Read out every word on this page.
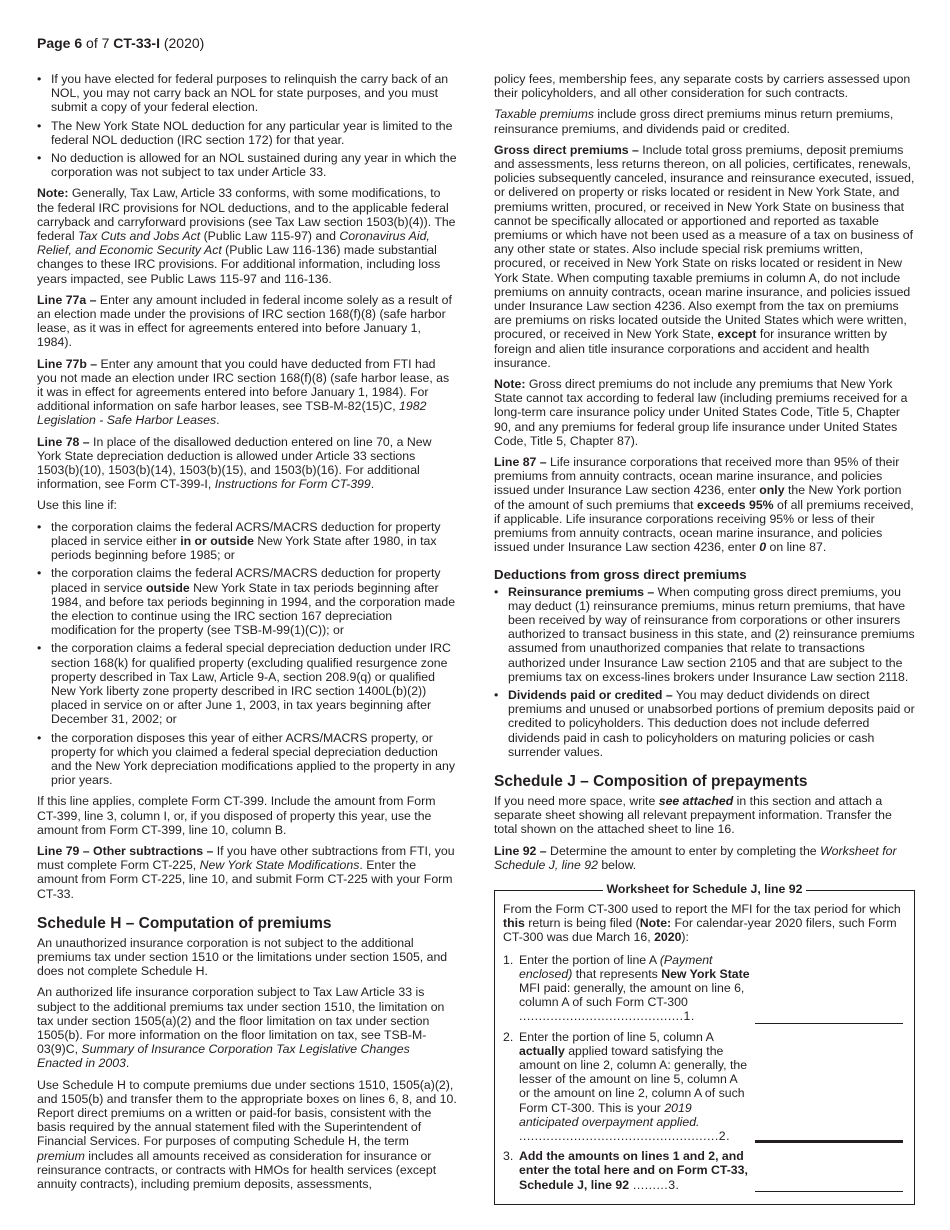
Page 6 of 7 CT-33-I (2020)
• If you have elected for federal purposes to relinquish the carry back of an NOL, you may not carry back an NOL for state purposes, and you must submit a copy of your federal election.
• The New York State NOL deduction for any particular year is limited to the federal NOL deduction (IRC section 172) for that year.
• No deduction is allowed for an NOL sustained during any year in which the corporation was not subject to tax under Article 33.

Note: Generally, Tax Law, Article 33 conforms, with some modifications, to the federal IRC provisions for NOL deductions, and to the applicable federal carryback and carryforward provisions (see Tax Law section 1503(b)(4)). The federal Tax Cuts and Jobs Act (Public Law 115-97) and Coronavirus Aid, Relief, and Economic Security Act (Public Law 116-136) made substantial changes to these IRC provisions. For additional information, including loss years impacted, see Public Laws 115-97 and 116-136.

Line 77a – Enter any amount included in federal income solely as a result of an election made under the provisions of IRC section 168(f)(8) (safe harbor lease, as it was in effect for agreements entered into before January 1, 1984).

Line 77b – Enter any amount that you could have deducted from FTI had you not made an election under IRC section 168(f)(8) (safe harbor lease, as it was in effect for agreements entered into before January 1, 1984). For additional information on safe harbor leases, see TSB-M-82(15)C, 1982 Legislation - Safe Harbor Leases.

Line 78 – In place of the disallowed deduction entered on line 70, a New York State depreciation deduction is allowed under Article 33 sections 1503(b)(10), 1503(b)(14), 1503(b)(15), and 1503(b)(16). For additional information, see Form CT-399-I, Instructions for Form CT-399.

Use this line if:

• the corporation claims the federal ACRS/MACRS deduction for property placed in service either in or outside New York State after 1980, in tax periods beginning before 1985; or
• the corporation claims the federal ACRS/MACRS deduction for property placed in service outside New York State in tax periods beginning after 1984, and before tax periods beginning in 1994, and the corporation made the election to continue using the IRC section 167 depreciation modification for the property (see TSB-M-99(1)(C)); or
• the corporation claims a federal special depreciation deduction under IRC section 168(k) for qualified property (excluding qualified resurgence zone property described in Tax Law, Article 9-A, section 208.9(q) or qualified New York liberty zone property described in IRC section 1400L(b)(2)) placed in service on or after June 1, 2003, in tax years beginning after December 31, 2002; or
• the corporation disposes this year of either ACRS/MACRS property, or property for which you claimed a federal special depreciation deduction and the New York depreciation modifications applied to the property in any prior years.

If this line applies, complete Form CT-399. Include the amount from Form CT-399, line 3, column I, or, if you disposed of property this year, use the amount from Form CT-399, line 10, column B.

Line 79 – Other subtractions – If you have other subtractions from FTI, you must complete Form CT-225, New York State Modifications. Enter the amount from Form CT-225, line 10, and submit Form CT-225 with your Form CT-33.

Schedule H – Computation of premiums

An unauthorized insurance corporation is not subject to the additional premiums tax under section 1510 or the limitations under section 1505, and does not complete Schedule H.

An authorized life insurance corporation subject to Tax Law Article 33 is subject to the additional premiums tax under section 1510, the limitation on tax under section 1505(a)(2) and the floor limitation on tax under section 1505(b). For more information on the floor limitation on tax, see TSB-M-03(9)C, Summary of Insurance Corporation Tax Legislative Changes Enacted in 2003.

Use Schedule H to compute premiums due under sections 1510, 1505(a)(2), and 1505(b) and transfer them to the appropriate boxes on lines 6, 8, and 10. Report direct premiums on a written or paid-for basis, consistent with the basis required by the annual statement filed with the Superintendent of Financial Services. For purposes of computing Schedule H, the term premium includes all amounts received as consideration for insurance or reinsurance contracts, or contracts with HMOs for health services (except annuity contracts), including premium deposits, assessments,

policy fees, membership fees, any separate costs by carriers assessed upon their policyholders, and all other consideration for such contracts.

Taxable premiums include gross direct premiums minus return premiums, reinsurance premiums, and dividends paid or credited.

Gross direct premiums – Include total gross premiums, deposit premiums and assessments, less returns thereon, on all policies, certificates, renewals, policies subsequently canceled, insurance and reinsurance executed, issued, or delivered on property or risks located or resident in New York State, and premiums written, procured, or received in New York State on business that cannot be specifically allocated or apportioned and reported as taxable premiums or which have not been used as a measure of a tax on business of any other state or states. Also include special risk premiums written, procured, or received in New York State on risks located or resident in New York State. When computing taxable premiums in column A, do not include premiums on annuity contracts, ocean marine insurance, and policies issued under Insurance Law section 4236. Also exempt from the tax on premiums are premiums on risks located outside the United States which were written, procured, or received in New York State, except for insurance written by foreign and alien title insurance corporations and accident and health insurance.

Note: Gross direct premiums do not include any premiums that New York State cannot tax according to federal law (including premiums received for a long-term care insurance policy under United States Code, Title 5, Chapter 90, and any premiums for federal group life insurance under United States Code, Title 5, Chapter 87).

Line 87 – Life insurance corporations that received more than 95% of their premiums from annuity contracts, ocean marine insurance, and policies issued under Insurance Law section 4236, enter only the New York portion of the amount of such premiums that exceeds 95% of all premiums received, if applicable. Life insurance corporations receiving 95% or less of their premiums from annuity contracts, ocean marine insurance, and policies issued under Insurance Law section 4236, enter 0 on line 87.

Deductions from gross direct premiums
• Reinsurance premiums – When computing gross direct premiums, you may deduct (1) reinsurance premiums, minus return premiums, that have been received by way of reinsurance from corporations or other insurers authorized to transact business in this state, and (2) reinsurance premiums assumed from unauthorized companies that relate to transactions authorized under Insurance Law section 2105 and that are subject to the premiums tax on excess-lines brokers under Insurance Law section 2118.
• Dividends paid or credited – You may deduct dividends on direct premiums and unused or unabsorbed portions of premium deposits paid or credited to policyholders. This deduction does not include deferred dividends paid in cash to policyholders on maturing policies or cash surrender values.
Schedule J – Composition of prepayments

If you need more space, write see attached in this section and attach a separate sheet showing all relevant prepayment information. Transfer the total shown on the attached sheet to line 16.

Line 92 – Determine the amount to enter by completing the Worksheet for Schedule J, line 92 below.

Worksheet for Schedule J, line 92
From the Form CT-300 used to report the MFI for the tax period for which this return is being filed (Note: For calendar-year 2020 filers, such Form CT-300 was due March 16, 2020):
1. Enter the portion of line A (Payment enclosed) that represents New York State MFI paid: generally, the amount on line 6, column A of such Form CT-300 ..........................................1.
2. Enter the portion of line 5, column A actually applied toward satisfying the amount on line 2, column A: generally, the lesser of the amount on line 5, column A or the amount on line 2, column A of such Form CT-300. This is your 2019 anticipated overpayment applied. ...................................................2.
3. Add the amounts on lines 1 and 2, and enter the total here and on Form CT-33, Schedule J, line 92 .........3.
